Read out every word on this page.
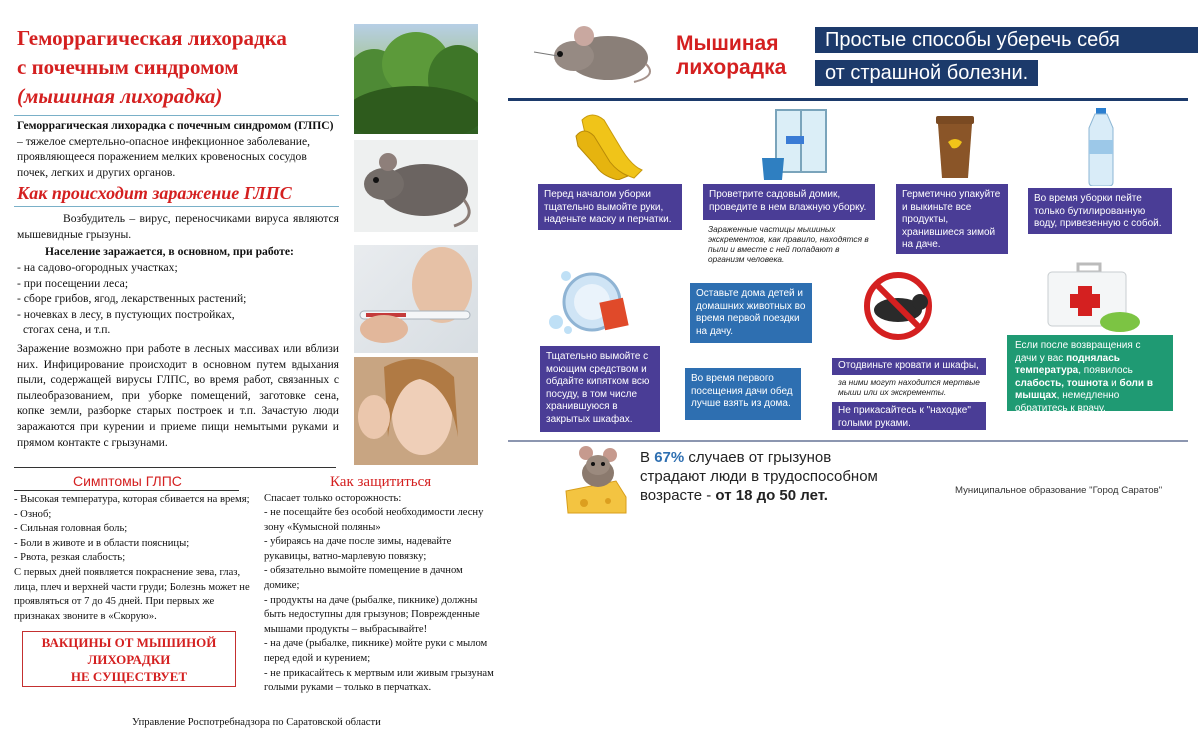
Геморрагическая лихорадка
с почечным синдромом
(мышиная лихорадка)
Геморрагическая лихорадка с почечным синдромом (ГЛПС) – тяжелое смертельно-опасное инфекционное заболевание, проявляющееся поражением мелких кровеносных сосудов почек, легких и других органов.
Как происходит заражение ГЛПС
Возбудитель – вирус, переносчиками вируса являются мышевидные грызуны.
Население заражается, в основном, при работе:
- на садово-огородных участках;
- при посещении леса;
- сборе грибов, ягод, лекарственных растений;
- ночевках в лесу, в пустующих постройках,
стогах сена, и т.п.
Заражение возможно при работе в лесных массивах или вблизи них. Инфицирование происходит в основном путем вдыхания пыли, содержащей вирусы ГЛПС, во время работ, связанных с пылеобразованием, при уборке помещений, заготовке сена, копке земли, разборке старых построек и т.п. Зачастую люди заражаются при курении и приеме пищи немытыми руками и прямом контакте с грызунами.
Симптомы ГЛПС
- Высокая температура, которая сбивается на время;
- Озноб;
- Сильная головная боль;
- Боли в животе и в области поясницы;
- Рвота, резкая слабость;
С первых дней появляется покраснение зева, глаз, лица, плеч и верхней части груди; Болезнь может не проявляться от 7 до 45 дней. При первых же признаках звоните в «Скорую».
ВАКЦИНЫ ОТ МЫШИНОЙ
ЛИХОРАДКИ
НЕ СУЩЕСТВУЕТ
Как защититься
Спасает только осторожность:
- не посещайте без особой необходимости лесну зону «Кумысной поляны»
- убираясь на даче после зимы, надевайте рукавицы, ватно-марлевую повязку;
- обязательно вымойте помещение в дачном домике;
- продукты на даче (рыбалке, пикнике) должны быть недоступны для грызунов; Поврежденные мышами продукты – выбрасывайте!
- на даче (рыбалке, пикнике) мойте руки с мылом перед едой и курением;
- не прикасайтесь к мертвым или живым грызунам голыми руками – только в перчатках.
Управление Роспотребнадзора по Саратовской области
Мышиная
лихорадка
Простые способы уберечь себя
от страшной болезни.
Перед началом уборки тщательно вымойте руки, наденьте маску и перчатки.
Проветрите садовый домик, проведите в нем влажную уборку.
Зараженные частицы мышиных экскрементов, как правило, находятся в пыли и вместе с ней попадают в организм человека.
Герметично упакуйте и выкиньте все продукты, хранившиеся зимой на даче.
Во время уборки пейте только бутилированную воду, привезенную с собой.
Оставьте дома детей и домашних животных во время первой поездки на дачу.
Тщательно вымойте с моющим средством и обдайте кипятком всю посуду, в том числе хранившуюся в закрытых шкафах.
Во время первого посещения дачи обед лучше взять из дома.
Отодвиньте кровати и шкафы,
за ними могут находится мертвые мыши или их экскременты.
Не прикасайтесь к "находке" голыми руками.
Если после возвращения с дачи у вас поднялась температура, появилось слабость, тошнота и боли в мышцах, немедленно обратитесь к врачу.
В 67% случаев от грызунов
страдают люди в трудоспособном
возрасте - от 18 до 50 лет.	Муниципальное образование "Город Саратов"
